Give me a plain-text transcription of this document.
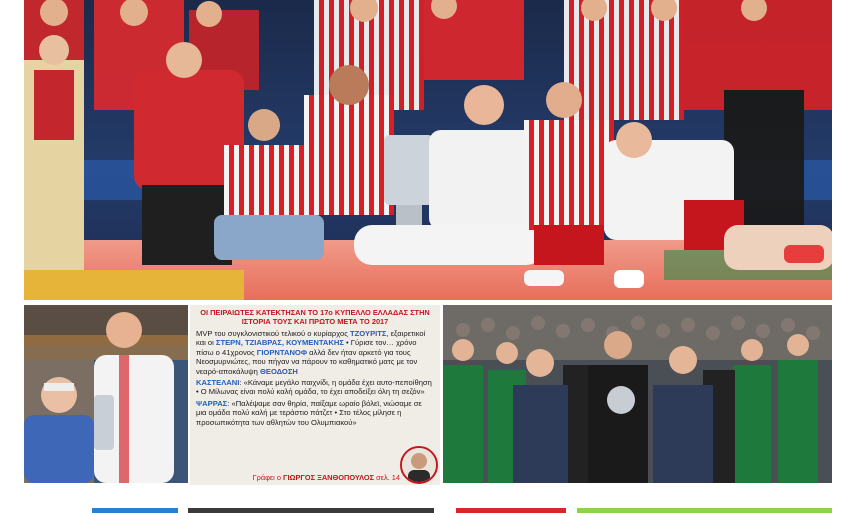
ΟΙ ΠΕΙΡΑΙΩΤΕΣ ΚΑΤΕΚΤΗΣΑΝ ΤΟ 17ο ΚΥΠΕΛΛΟ ΕΛΛΑΔΑΣ ΣΤΗΝ ΙΣΤΟΡΙΑ ΤΟΥΣ ΚΑΙ ΠΡΩΤΟ ΜΕΤΑ ΤΟ 2017

MVP του συγκλονιστικού τελικού ο κυρίαρχος ΤΖΟΥΡΙΤΣ, εξαιρετικοί και οι ΣΤΕΡΝ, ΤΖΙΑΒΡΑΣ, ΚΟΥΜΕΝΤΑΚΗΣ • Γύρισε τον… χρόνο πίσω ο 41χρονος ΓΙΟΡΝΤΑΝΟΦ αλλά δεν ήταν αρκετό για τους Νεοσμυρνιώτες, που πήγαν να πάρουν το καθηματικό ματς με τον νεαρό-αποκάλυψη ΘΕΟΔΟΣΗ

ΚΑΣΤΕΛΑΝΙ: «Κάναμε μεγάλο παιχνίδι, η ομάδα έχει αυτο-πεποίθηση • Ο Μίλωνας είναι πολύ καλή ομάδα, το έχει αποδείξει όλη τη σεζόν»

ΨΑΡΡΑΣ: «Παλέψαμε σαν θηρία, παίξαμε ωραίο βόλεϊ, νιώσαμε σε μια ομάδα πολύ καλή με τεράστιο πάτζετ • Στο τέλος μίλησε η προσωπικότητα των αθλητών του Ολυμπιακού»

Γράφει ο ΓΙΩΡΓΟΣ ΞΑΝΘΟΠΟΥΛΟΣ σελ. 14
